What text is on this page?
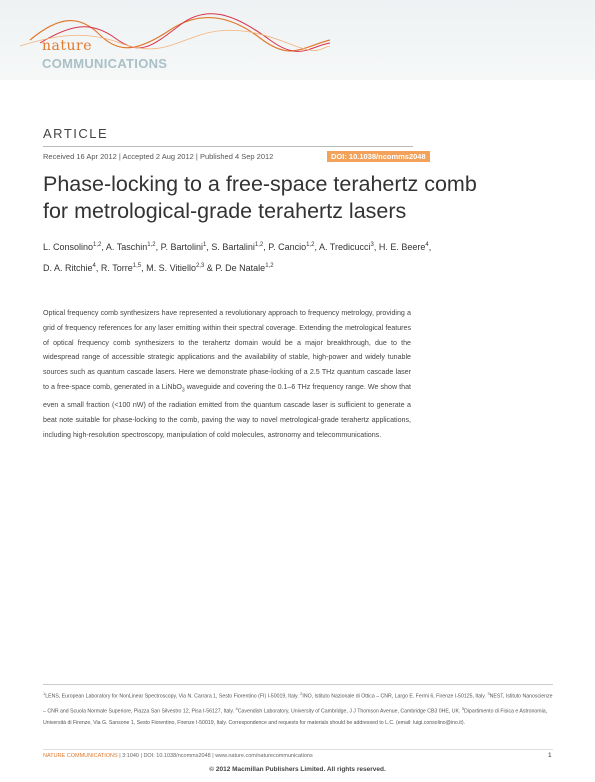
nature
COMMUNICATIONS
ARTICLE
Received 16 Apr 2012 | Accepted 2 Aug 2012 | Published 4 Sep 2012	DOI: 10.1038/ncomms2048
Phase-locking to a free-space terahertz comb
for metrological-grade terahertz lasers
L. Consolino$^{1,2}$, A. Taschin$^{1,2}$, P. Bartolini$^1$, S. Bartalini$^{1,2}$, P. Cancio$^{1,2}$, A. Tredicucci$^3$, H. E. Beere$^4$,
D. A. Ritchie$^4$, R. Torre$^{1,5}$, M. S. Vitiello$^{2,3}$ & P. De Natale$^{1,2}$

Optical frequency comb synthesizers have represented a revolutionary approach to frequency metrology, providing a grid of frequency references for any laser emitting within their spectral coverage. Extending the metrological features of optical frequency comb synthesizers to the terahertz domain would be a major breakthrough, due to the widespread range of accessible strategic applications and the availability of stable, high-power and widely tunable sources such as quantum cascade lasers. Here we demonstrate phase-locking of a 2.5 THz quantum cascade laser to a free-space comb, generated in a LiNbO$_3$ waveguide and covering the 0.1–6 THz frequency range. We show that even a small fraction (<100 nW) of the radiation emitted from the quantum cascade laser is sufficient to generate a beat note suitable for phase-locking to the comb, paving the way to novel metrological-grade terahertz applications, including high-resolution spectroscopy, manipulation of cold molecules, astronomy and telecommunications.

$^1$LENS, European Laboratory for NonLinear Spectroscopy, Via N. Carrara 1, Sesto Fiorentino (FI) I-50019, Italy. $^2$INO, Istituto Nazionale di Ottica – CNR, Largo E. Fermi 6, Firenze I-50125, Italy. $^3$NEST, Istituto Nanoscienze – CNR and Scuola Normale Superiore, Piazza San Silvestro 12, Pisa I-56127, Italy. $^4$Cavendish Laboratory, University of Cambridge, J J Thomson Avenue, Cambridge CB3 0HE, UK. $^5$Dipartimento di Fisica e Astronomia, Università di Firenze, Via G. Sansone 1, Sesto Fiorentino, Firenze I-50019, Italy. Correspondence and requests for materials should be addressed to L.C. (email: luigi.consolino@ino.it).

NATURE COMMUNICATIONS | 3:1040 | DOI: 10.1038/ncomms2048 | www.nature.com/naturecommunications	1
© 2012 Macmillan Publishers Limited. All rights reserved.
